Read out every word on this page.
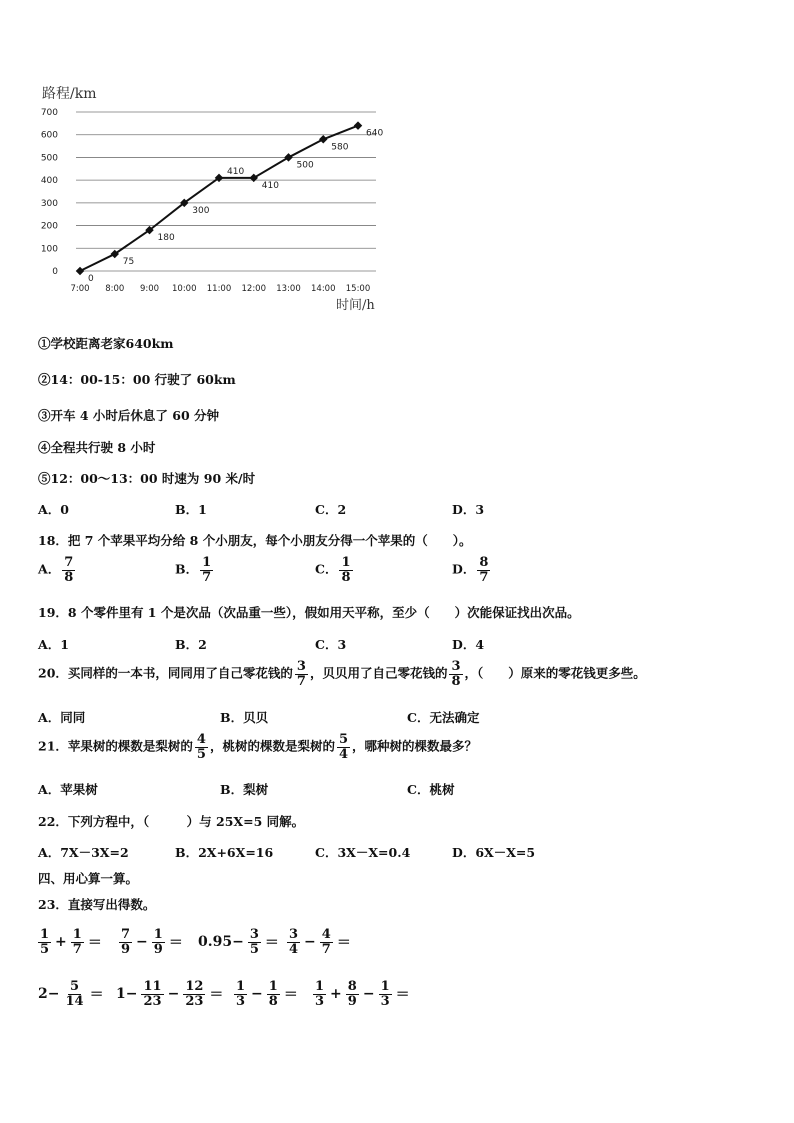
路程/km
0
100
200
300
400
500
600
700
7:00 8:00 9:00 10:00 11:00 12:00 13:00 14:00 15:00
时间/h
0
75
180
300
410
410
500
580
640
①学校距离老家640km
②14：00-15：00 行驶了 60km
③开车 4 小时后休息了 60 分钟
④全程共行驶 8 小时
⑤12：00～13：00 时速为 90 米/时
A．0	B．1	C．2	D．3
18．把 7 个苹果平均分给 8 个小朋友，每个小朋友分得一个苹果的（　　）。
A． $\frac{7}{8}$	B． $\frac{1}{7}$	C． $\frac{1}{8}$	D． $\frac{8}{7}$
19．8 个零件里有 1 个是次品（次品重一些），假如用天平称，至少（　　）次能保证找出次品。
A．1	B．2	C．3	D．4
20．买同样的一本书，同同用了自己零花钱的 $\frac{3}{7}$ ，贝贝用了自己零花钱的 $\frac{3}{8}$ ，（　　）原来的零花钱更多些。
A．同同	B．贝贝	C．无法确定
21．苹果树的棵数是梨树的 $\frac{4}{5}$ ，桃树的棵数是梨树的 $\frac{5}{4}$ ，哪种树的棵数最多？
A．苹果树	B．梨树	C．桃树
22．下列方程中，（　　　）与 25X=5 同解。
A．7X－3X=2	B．2X+6X=16	C．3X－X=0.4	D．6X－X=5
四、用心算一算。
23．直接写出得数。
$\frac{1}{5} + \frac{1}{7} = \frac{7}{9} - \frac{1}{9} = 0.95- \frac{3}{5} = \frac{3}{4} - \frac{4}{7}$ ＝
$2- \frac{5}{14} = 1- \frac{11}{23} - \frac{12}{23} = \frac{1}{3} - \frac{1}{8} = \frac{1}{3} + \frac{8}{9} - \frac{1}{3}$ ＝
